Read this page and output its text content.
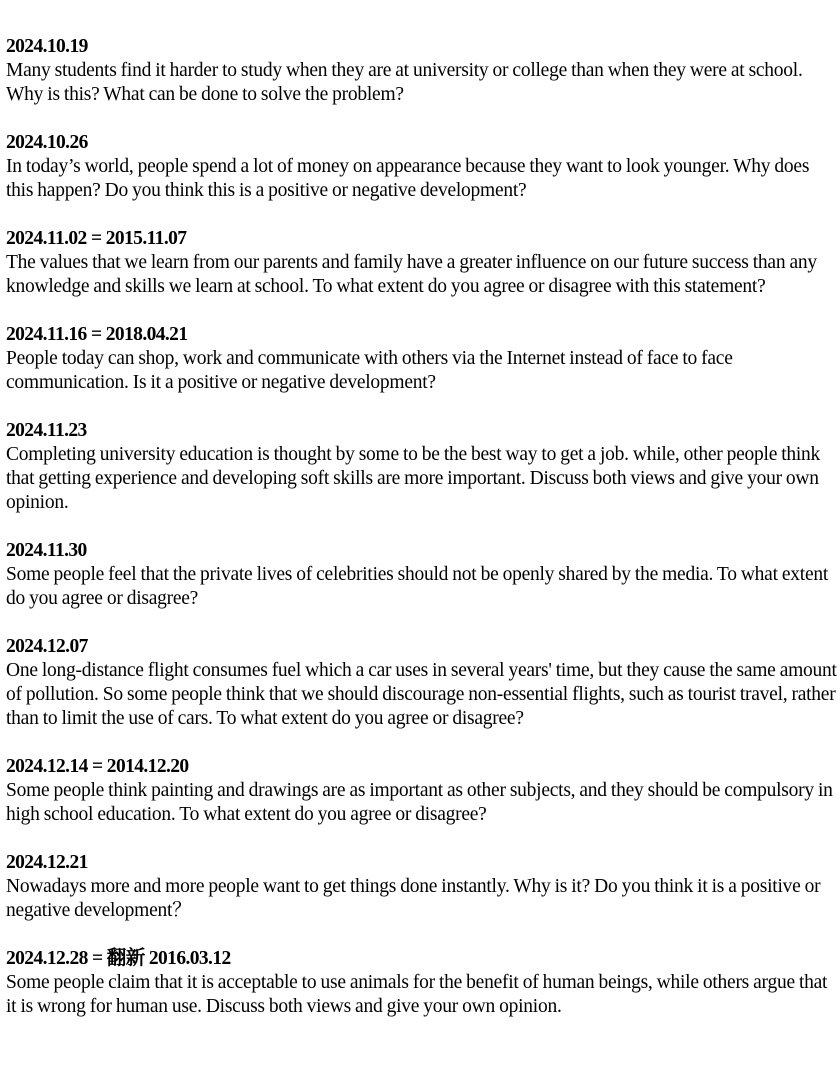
2024.10.19
Many students find it harder to study when they are at university or college than when they were at school. Why is this? What can be done to solve the problem?
2024.10.26
In today’s world, people spend a lot of money on appearance because they want to look younger. Why does this happen? Do you think this is a positive or negative development?
2024.11.02 = 2015.11.07
The values that we learn from our parents and family have a greater influence on our future success than any knowledge and skills we learn at school. To what extent do you agree or disagree with this statement?
2024.11.16 = 2018.04.21
People today can shop, work and communicate with others via the Internet instead of face to face communication. Is it a positive or negative development?
2024.11.23
Completing university education is thought by some to be the best way to get a job. while, other people think that getting experience and developing soft skills are more important. Discuss both views and give your own opinion.
2024.11.30
Some people feel that the private lives of celebrities should not be openly shared by the media. To what extent do you agree or disagree?
2024.12.07
One long-distance flight consumes fuel which a car uses in several years' time, but they cause the same amount of pollution. So some people think that we should discourage non-essential flights, such as tourist travel, rather than to limit the use of cars. To what extent do you agree or disagree?
2024.12.14 = 2014.12.20
Some people think painting and drawings are as important as other subjects, and they should be compulsory in high school education. To what extent do you agree or disagree?
2024.12.21
Nowadays more and more people want to get things done instantly. Why is it? Do you think it is a positive or negative development？
2024.12.28 = 翻新 2016.03.12
Some people claim that it is acceptable to use animals for the benefit of human beings, while others argue that it is wrong for human use. Discuss both views and give your own opinion.
